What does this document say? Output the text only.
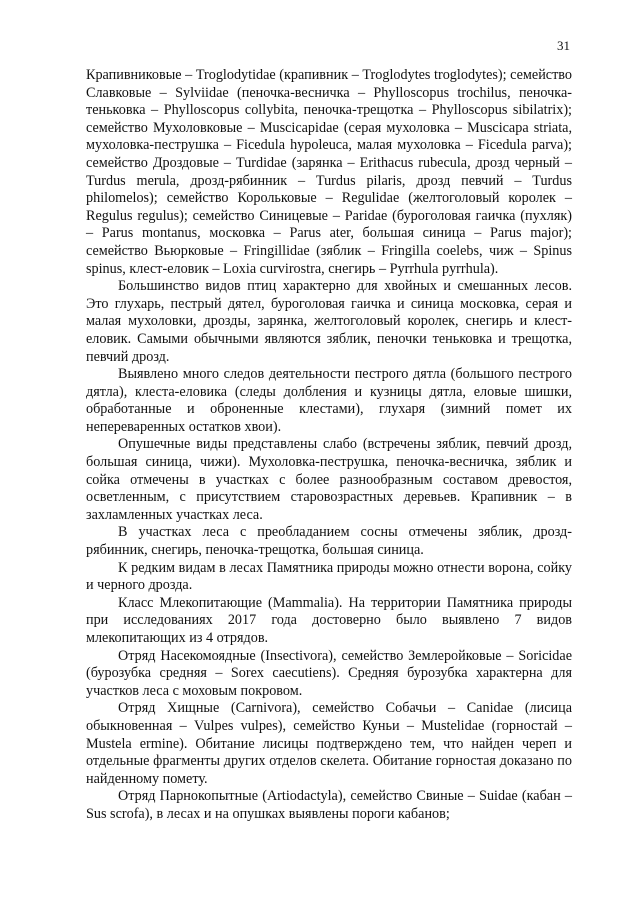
31

Крапивниковые – Troglodytidae (крапивник – Troglodytes troglodytes); семейство Славковые – Sylviidae (пеночка-весничка – Phylloscopus trochilus, пеночка-теньковка – Phylloscopus collybita, пеночка-трещотка – Phylloscopus sibilatrix); семейство Мухоловковые – Muscicapidae (серая мухоловка – Muscicapa striata, мухоловка-пеструшка – Ficedula hypoleuca, малая мухоловка – Ficedula parva); семейство Дроздовые – Turdidae (зарянка – Erithacus rubecula, дрозд черный – Turdus merula, дрозд-рябинник – Turdus pilaris, дрозд певчий – Turdus philomelos); семейство Корольковые – Regulidae (желтоголовый королек – Regulus regulus); семейство Синицевые – Paridae (буроголовая гаичка (пухляк) – Parus montanus, московка – Parus ater, большая синица – Parus major); семейство Вьюрковые – Fringillidae (зяблик – Fringilla coelebs, чиж – Spinus spinus, клест-еловик – Loxia curvirostra, снегирь – Pyrrhula pyrrhula).

Большинство видов птиц характерно для хвойных и смешанных лесов. Это глухарь, пестрый дятел, буроголовая гаичка и синица московка, серая и малая мухоловки, дрозды, зарянка, желтоголовый королек, снегирь и клест-еловик. Самыми обычными являются зяблик, пеночки теньковка и трещотка, певчий дрозд.

Выявлено много следов деятельности пестрого дятла (большого пестрого дятла), клеста-еловика (следы долбления и кузницы дятла, еловые шишки, обработанные и оброненные клестами), глухаря (зимний помет их непереваренных остатков хвои).

Опушечные виды представлены слабо (встречены зяблик, певчий дрозд, большая синица, чижи). Мухоловка-пеструшка, пеночка-весничка, зяблик и сойка отмечены в участках с более разнообразным составом древостоя, осветленным, с присутствием старовозрастных деревьев. Крапивник – в захламленных участках леса.

В участках леса с преобладанием сосны отмечены зяблик, дрозд-рябинник, снегирь, пеночка-трещотка, большая синица.

К редким видам в лесах Памятника природы можно отнести ворона, сойку и черного дрозда.

Класс Млекопитающие (Mammalia). На территории Памятника природы при исследованиях 2017 года достоверно было выявлено 7 видов млекопитающих из 4 отрядов.

Отряд Насекомоядные (Insectivora), семейство Землеройковые – Soricidae (бурозубка средняя – Sorex caecutiens). Средняя бурозубка характерна для участков леса с моховым покровом.

Отряд Хищные (Carnivora), семейство Собачьи – Canidae (лисица обыкновенная – Vulpes vulpes), семейство Куньи – Mustelidae (горностай – Mustela ermine). Обитание лисицы подтверждено тем, что найден череп и отдельные фрагменты других отделов скелета. Обитание горностая доказано по найденному помету.

Отряд Парнокопытные (Artiodactyla), семейство Свиные – Suidae (кабан – Sus scrofa), в лесах и на опушках выявлены пороги кабанов;
